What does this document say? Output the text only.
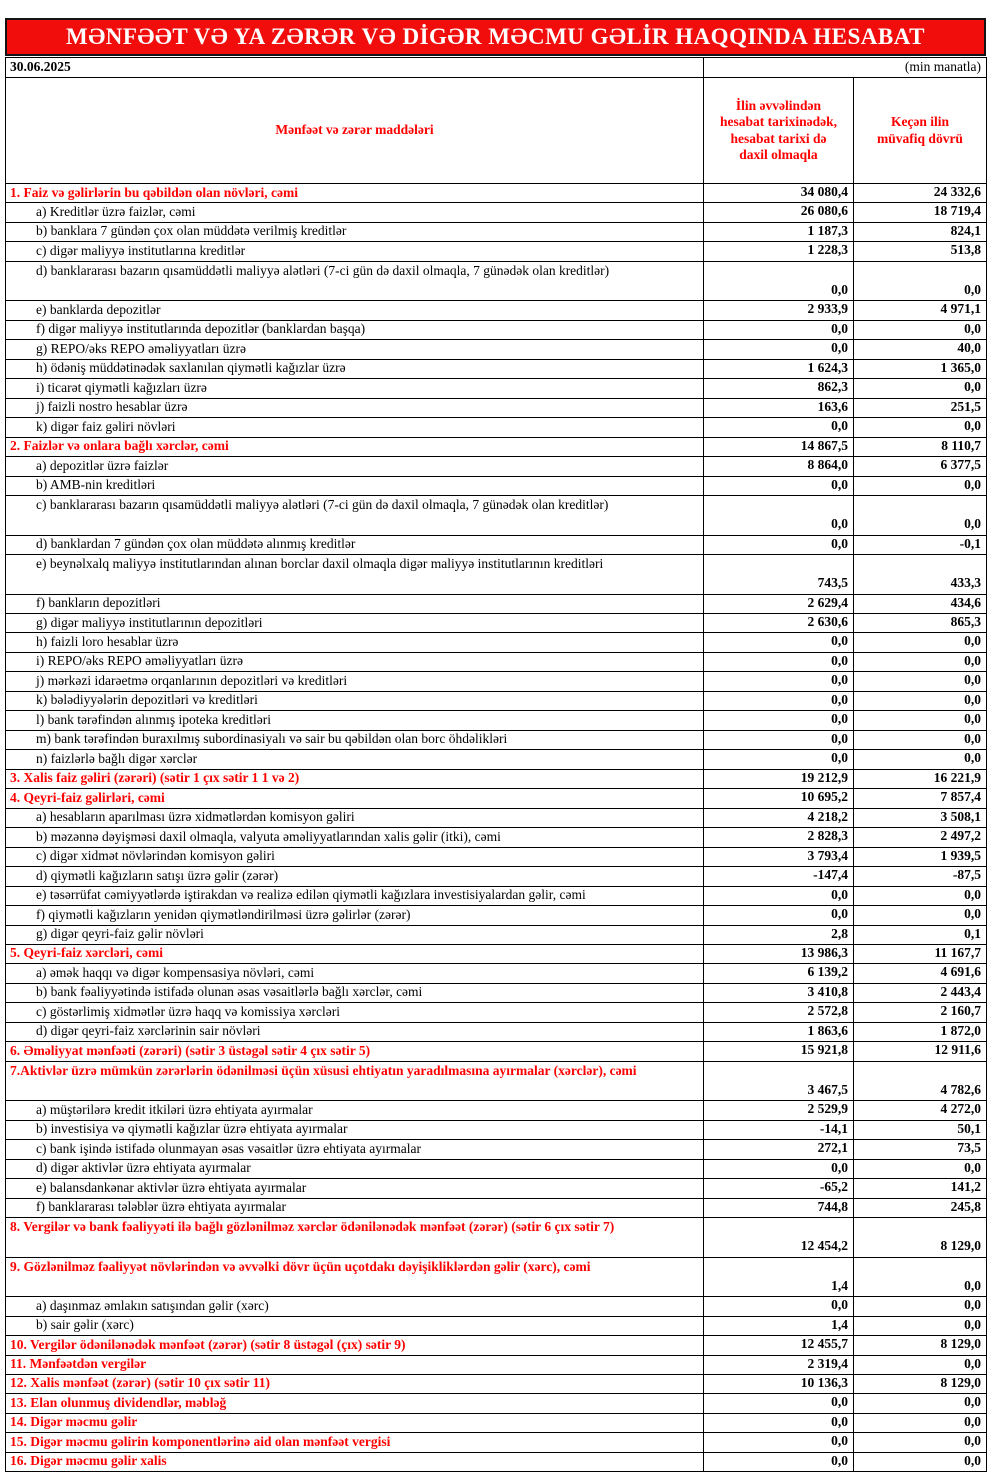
MƏNFƏƏT VƏ YA ZƏRƏR VƏ DİGƏR MƏCMU GƏLİR HAQQINDA HESABAT
30.06.2025	(min manatla)	
Mənfəət və zərər maddələri	İlin əvvəlindən hesabat tarixinədək, hesabat tarixi də daxil olmaqla	Keçən ilin müvafiq dövrü

1. Faiz və gəlirlərin bu qəbildən olan növləri, cəmi	34 080,4	24 332,6
a) Kreditlər üzrə faizlər, cəmi	26 080,6	18 719,4
b) banklara 7 gündən çox olan müddətə verilmiş kreditlər	1 187,3	824,1
c) digər maliyyə institutlarına kreditlər	1 228,3	513,8
d) banklararası bazarın qısamüddətli maliyyə alətləri (7-ci gün də daxil olmaqla, 7 günədək olan kreditlər)	0,0	0,0
e) banklarda depozitlər	2 933,9	4 971,1
f) digər maliyyə institutlarında depozitlər (banklardan başqa)	0,0	0,0
g) REPO/əks REPO əməliyyatları üzrə	0,0	40,0
h) ödəniş müddətinədək saxlanılan qiymətli kağızlar üzrə	1 624,3	1 365,0
i) ticarət qiymətli kağızları üzrə	862,3	0,0
j) faizli nostro hesablar üzrə	163,6	251,5
k) digər faiz gəliri növləri	0,0	0,0
2. Faizlər və onlara bağlı xərclər, cəmi	14 867,5	8 110,7
a) depozitlər üzrə faizlər	8 864,0	6 377,5
b) AMB-nin kreditləri	0,0	0,0
c) banklararası bazarın qısamüddətli maliyyə alətləri (7-ci gün də daxil olmaqla, 7 günədək olan kreditlər)	0,0	0,0
d) banklardan 7 gündən çox olan müddətə alınmış kreditlər	0,0	-0,1
e) beynəlxalq maliyyə institutlarından alınan borclar daxil olmaqla digər maliyyə institutlarının kreditləri	743,5	433,3
f) bankların depozitləri	2 629,4	434,6
g) digər maliyyə institutlarının depozitləri	2 630,6	865,3
h) faizli loro hesablar üzrə	0,0	0,0
i) REPO/əks REPO əməliyyatları üzrə	0,0	0,0
j) mərkəzi idarəetmə orqanlarının depozitləri və kreditləri	0,0	0,0
k) bələdiyyələrin depozitləri və kreditləri	0,0	0,0
l) bank tərəfindən alınmış ipoteka kreditləri	0,0	0,0
m) bank tərəfindən buraxılmış subordinasiyalı və sair bu qəbildən olan borc öhdəlikləri	0,0	0,0
n) faizlərlə bağlı digər xərclər	0,0	0,0
3. Xalis faiz gəliri (zərəri) (sətir 1 çıx sətir 1 1 və 2)	19 212,9	16 221,9
4. Qeyri-faiz gəlirləri, cəmi	10 695,2	7 857,4
a) hesabların aparılması üzrə xidmətlərdən komisyon gəliri	4 218,2	3 508,1
b) məzənnə dəyişməsi daxil olmaqla, valyuta əməliyyatlarından xalis gəlir (itki), cəmi	2 828,3	2 497,2
c) digər xidmət növlərindən komisyon gəliri	3 793,4	1 939,5
d) qiymətli kağızların satışı üzrə gəlir (zərər)	-147,4	-87,5
e) təsərrüfat cəmiyyətlərdə iştirakdan və realizə edilən qiymətli kağızlara investisiyalardan gəlir, cəmi	0,0	0,0
f) qiymətli kağızların yenidən qiymətləndirilməsi üzrə gəlirlər (zərər)	0,0	0,0
g) digər qeyri-faiz gəlir növləri	2,8	0,1
5. Qeyri-faiz xərcləri, cəmi	13 986,3	11 167,7
a) əmək haqqı və digər kompensasiya növləri, cəmi	6 139,2	4 691,6
b) bank fəaliyyətində istifadə olunan əsas vəsaitlərlə bağlı xərclər, cəmi	3 410,8	2 443,4
c) göstərlimiş xidmətlər üzrə haqq və komissiya xərcləri	2 572,8	2 160,7
d) digər qeyri-faiz xərclərinin sair növləri	1 863,6	1 872,0
6. Əməliyyat mənfəəti (zərəri) (sətir 3 üstəgəl sətir 4 çıx sətir 5)	15 921,8	12 911,6
7.Aktivlər üzrə mümkün zərərlərin ödənilməsi üçün xüsusi ehtiyatın yaradılmasına ayırmalar (xərclər), cəmi	3 467,5	4 782,6
a) müştərilərə kredit itkiləri üzrə ehtiyata ayırmalar	2 529,9	4 272,0
b) investisiya və qiymətli kağızlar üzrə ehtiyata ayırmalar	-14,1	50,1
c) bank işində istifadə olunmayan əsas vəsaitlər üzrə ehtiyata ayırmalar	272,1	73,5
d) digər aktivlər üzrə ehtiyata ayırmalar	0,0	0,0
e) balansdankənar aktivlər üzrə ehtiyata ayırmalar	-65,2	141,2
f) banklararası tələblər üzrə ehtiyata ayırmalar	744,8	245,8
8. Vergilər və bank fəaliyyəti ilə bağlı gözlənilməz xərclər ödənilənədək mənfəət (zərər) (sətir 6 çıx sətir 7)	12 454,2	8 129,0
9. Gözlənilməz fəaliyyət növlərindən və əvvəlki dövr üçün uçotdakı dəyişikliklərdən gəlir (xərc), cəmi	1,4	0,0
a) daşınmaz əmlakın satışından gəlir (xərc)	0,0	0,0
b) sair gəlir (xərc)	1,4	0,0
10. Vergilər ödənilənədək mənfəət (zərər) (sətir 8 üstəgəl (çıx) sətir 9)	12 455,7	8 129,0
11. Mənfəətdən vergilər	2 319,4	0,0
12. Xalis mənfəət (zərər) (sətir 10 çıx sətir 11)	10 136,3	8 129,0
13. Elan olunmuş dividendlər, məbləğ	0,0	0,0
14. Digər məcmu gəlir	0,0	0,0
15. Digər məcmu gəlirin komponentlərinə aid olan mənfəət vergisi	0,0	0,0
16. Digər məcmu gəlir xalis	0,0	0,0
